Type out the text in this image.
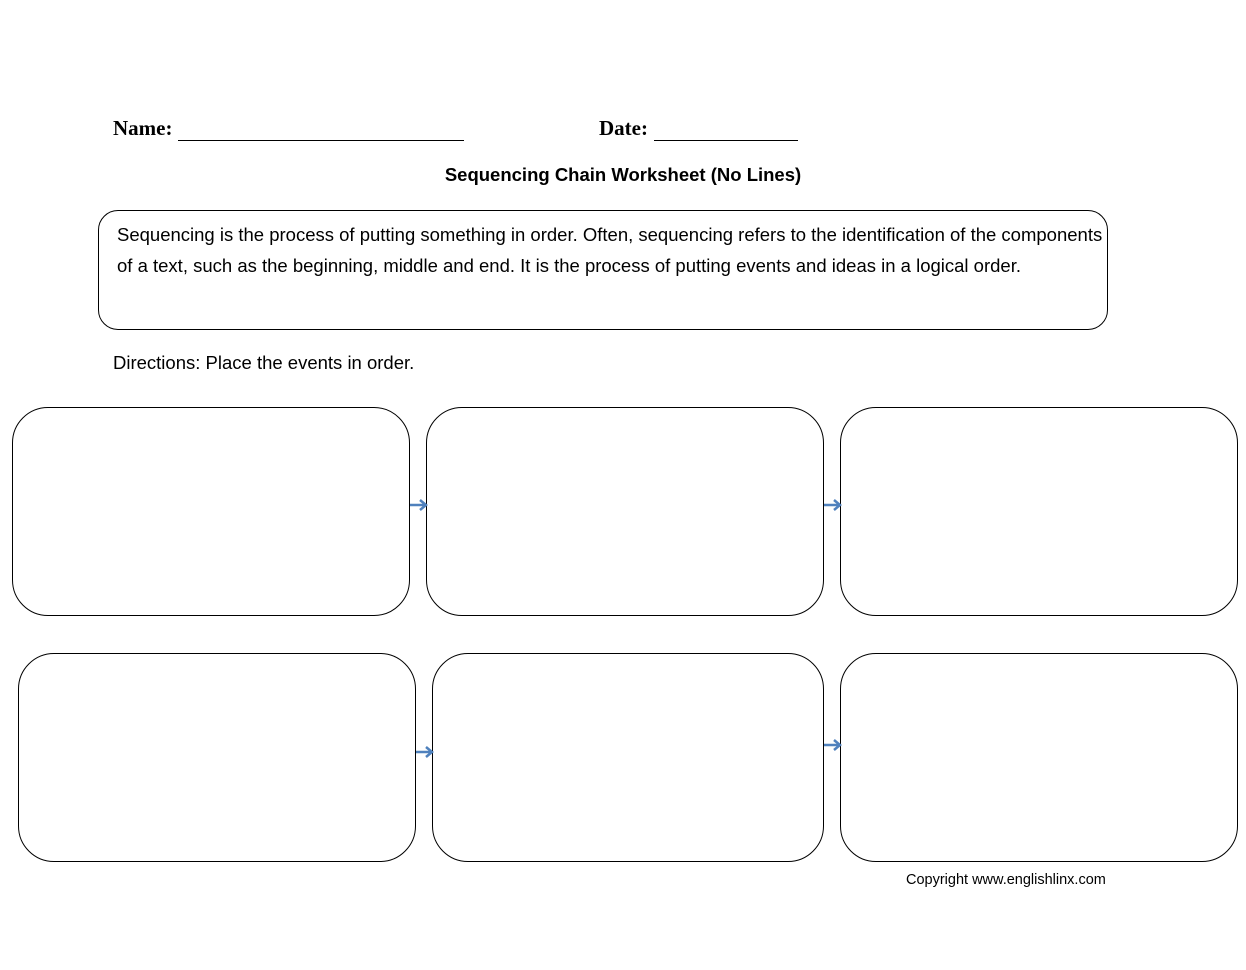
Name:	Date:
Sequencing Chain Worksheet (No Lines)
Sequencing is the process of putting something in order. Often, sequencing refers to the identification of the components of a text, such as the beginning, middle and end. It is the process of putting events and ideas in a logical order.
Directions: Place the events in order.
Copyright www.englishlinx.com
